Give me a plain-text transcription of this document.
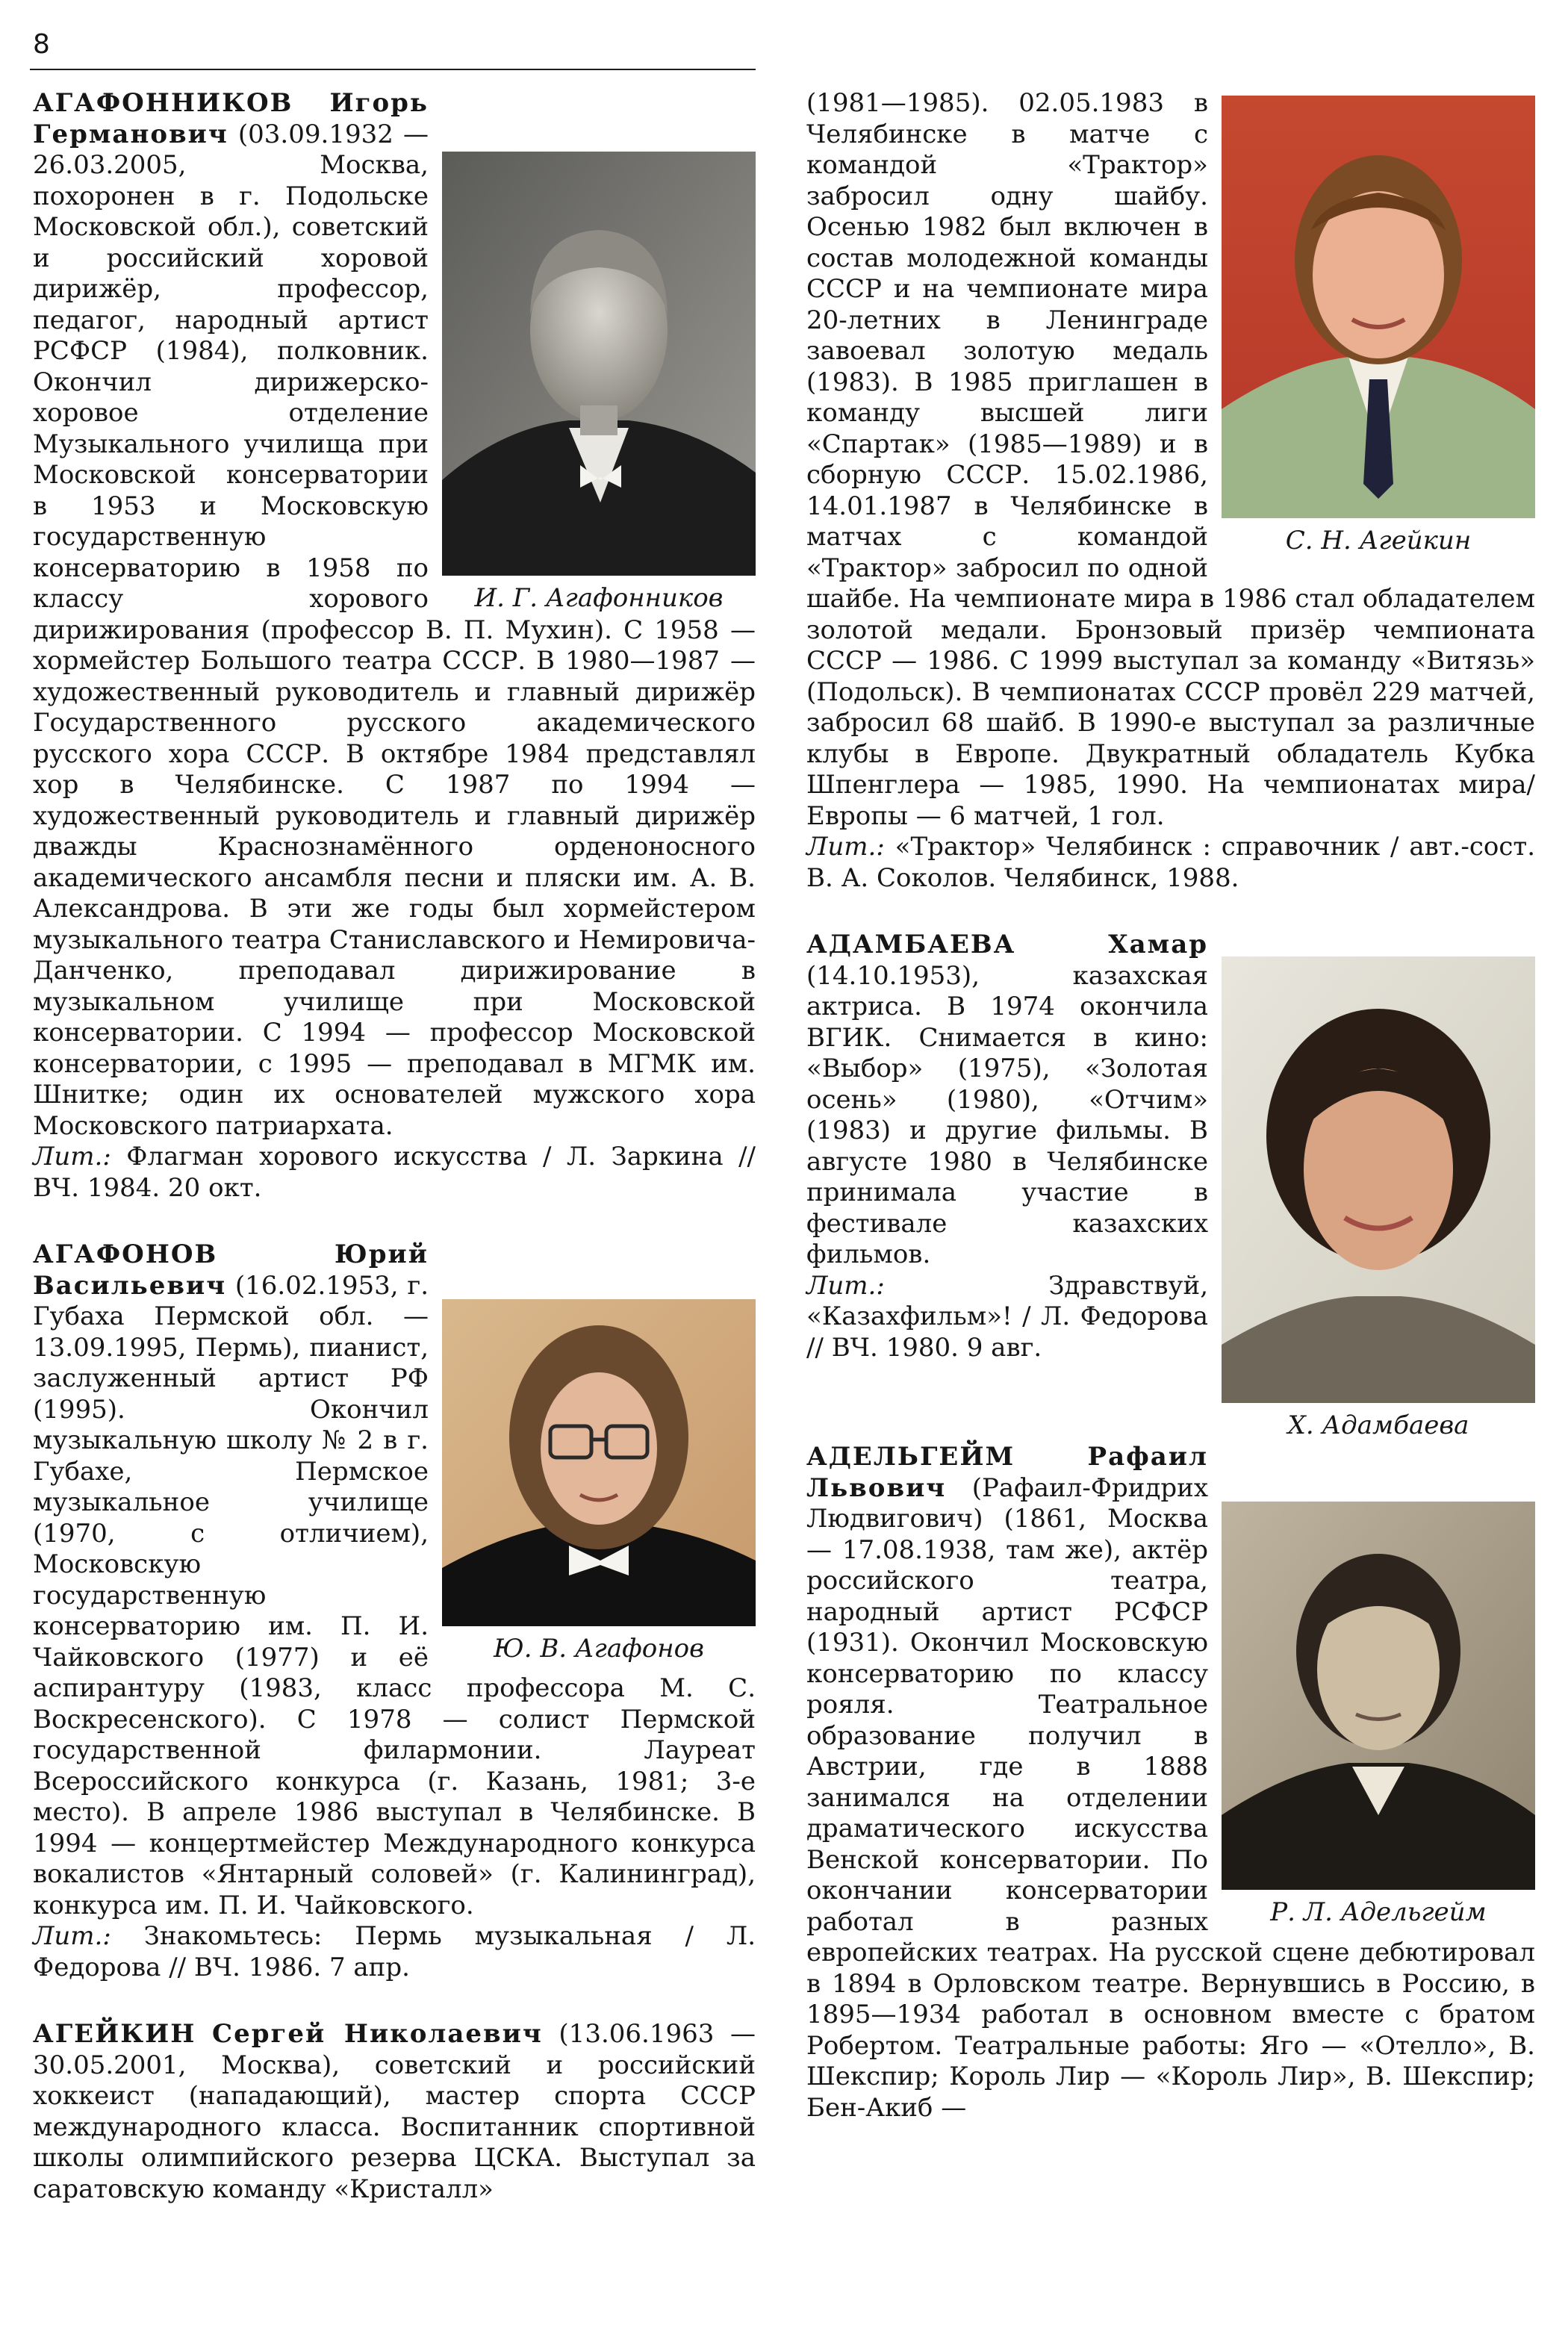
8
И. Г. Агафонников

АГАФОННИКОВ Игорь Германович (03.09.1932 — 26.03.2005, Москва, похоронен в г. Подольске Московской обл.), советский и российский хоровой дирижёр, профессор, педагог, народный артист РСФСР (1984), полковник. Окончил дирижерско-хоровое отделение Музыкального училища при Московской консерватории в 1953 и Московскую государственную консерваторию в 1958 по классу хорового дирижирования (профессор В. П. Мухин). С 1958 — хормейстер Большого театра СССР. В 1980—1987 — художественный руководитель и главный дирижёр Государственного русского академического русского хора СССР. В октябре 1984 представлял хор в Челябинске. С 1987 по 1994 — художественный руководитель и главный дирижёр дважды Краснознамённого орденоносного академического ансамбля песни и пляски им. А. В. Александрова. В эти же годы был хормейстером музыкального театра Станиславского и Немировича-Данченко, преподавал дирижирование в музыкальном училище при Московской консерватории. С 1994 — профессор Московской консерватории, с 1995 — преподавал в МГМК им. Шнитке; один их основателей мужского хора Московского патриархата.

Лит.: Флагман хорового искусства / Л. Заркина // ВЧ. 1984. 20 окт.

Ю. В. Агафонов

АГАФОНОВ	Юрий Васильевич (16.02.1953, г. Губаха Пермской обл. — 13.09.1995, Пермь), пианист, заслуженный артист РФ (1995). Окончил музыкальную школу № 2 в г. Губахе, Пермское музыкальное училище (1970, с отличием), Московскую государственную консерваторию им. П. И. Чайковского (1977) и её аспирантуру (1983, класс профессора М. С. Воскресенского). С 1978 — солист Пермской государственной филармонии. Лауреат Всероссийского конкурса (г. Казань, 1981; 3-е место). В апреле 1986 выступал в Челябинске. В 1994 — концертмейстер Международного конкурса вокалистов «Янтарный соловей» (г. Калининград), конкурса им. П. И. Чайковского.

Лит.: Знакомьтесь: Пермь музыкальная / Л. Федорова // ВЧ. 1986. 7 апр.

АГЕЙКИН Сергей Николаевич (13.06.1963 — 30.05.2001, Москва), советский и российский хоккеист (нападающий), мастер спорта СССР международного класса. Воспитанник спортивной школы олимпийского резерва ЦСКА. Выступал за саратовскую команду «Кристалл»

С. Н. Агейкин

(1981—1985). 02.05.1983 в Челябинске в матче с командой «Трактор» забросил одну шайбу. Осенью 1982 был включен в состав молодежной команды СССР и на чемпионате мира 20-летних в Ленинграде завоевал золотую медаль (1983). В 1985 приглашен в команду высшей лиги «Спартак» (1985—1989) и в сборную СССР. 15.02.1986, 14.01.1987 в Челябинске в матчах с командой «Трактор» забросил по одной шайбе. На чемпионате мира в 1986 стал обладателем золотой медали. Бронзовый призёр чемпионата СССР — 1986. С 1999 выступал за команду «Витязь» (Подольск). В чемпионатах СССР провёл 229 матчей, забросил 68 шайб. В 1990-е выступал за различные клубы в Европе. Двукратный обладатель Кубка Шпенглера — 1985, 1990. На чемпионатах мира/ Европы — 6 матчей, 1 гол.

Лит.: «Трактор» Челябинск : справочник / авт.-сост. В. А. Соколов. Челябинск, 1988.

Х. Адамбаева

АДАМБАЕВА	Хамар (14.10.1953), казахская актриса. В 1974 окончила ВГИК. Снимается в кино: «Выбор» (1975), «Золотая осень» (1980), «Отчим» (1983) и другие фильмы. В августе 1980 в Челябинске принимала участие в фестивале казахских фильмов.

Лит.:	Здравствуй, «Казахфильм»! / Л. Федорова // ВЧ. 1980. 9 авг.

Р. Л. Адельгейм

АДЕЛЬГЕЙМ	Рафаил Львович (Рафаил-Фридрих Людвигович) (1861, Москва — 17.08.1938, там же), актёр российского театра, народный артист РСФСР (1931). Окончил Московскую консерваторию по классу рояля. Театральное образование получил в Австрии, где в 1888 занимался на отделении драматического искусства Венской консерватории. По окончании консерватории работал в разных европейских театрах. На русской сцене дебютировал в 1894 в Орловском театре. Вернувшись в Россию, в 1895—1934 работал в основном вместе с братом Робертом. Театральные работы: Яго — «Отелло», В. Шекспир; Король Лир — «Король Лир», В. Шекспир; Бен-Акиб —
